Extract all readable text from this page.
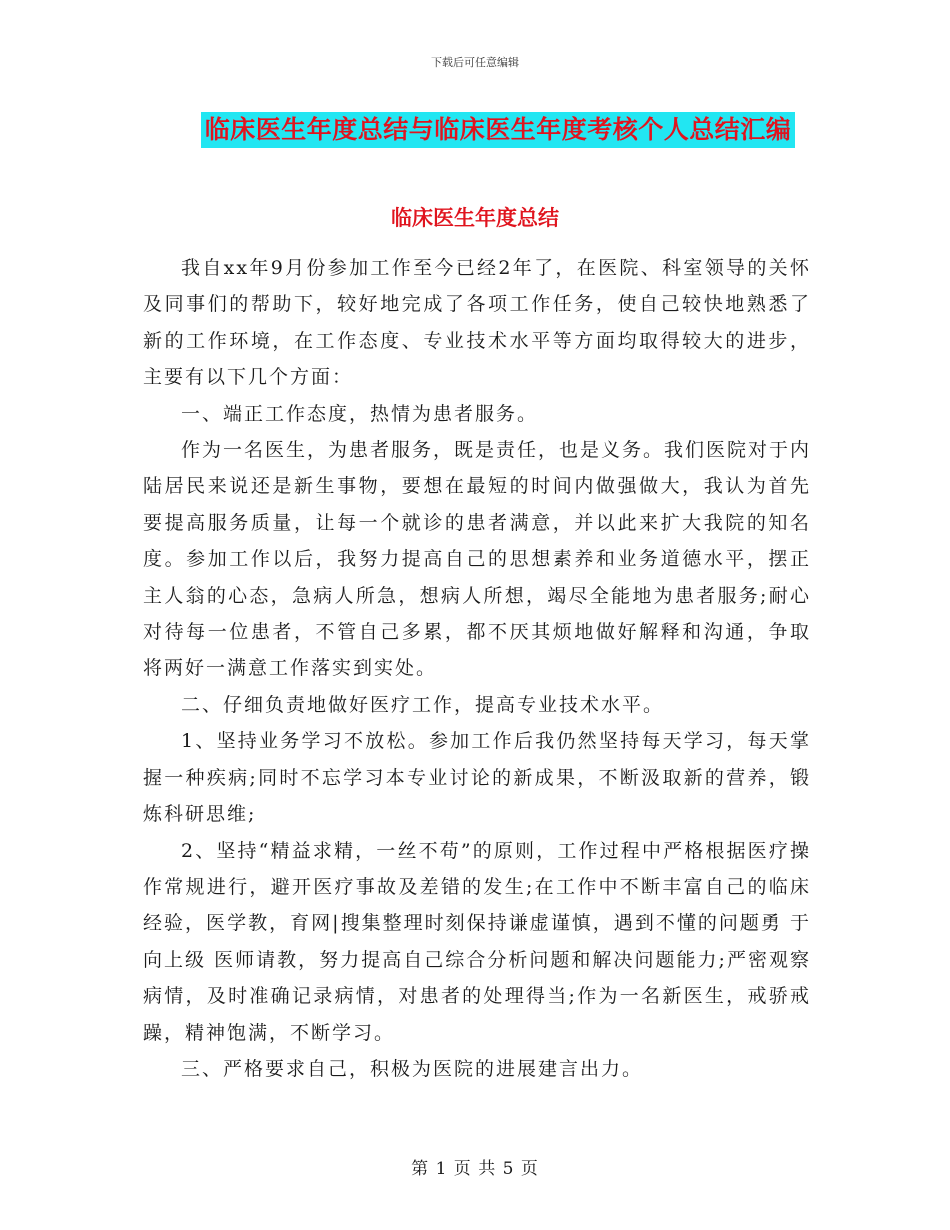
下载后可任意编辑
临床医生年度总结与临床医生年度考核个人总结汇编
临床医生年度总结

我自xx年9月份参加工作至今已经2年了，在医院、科室领导的关怀及同事们的帮助下，较好地完成了各项工作任务，使自己较快地熟悉了新的工作环境，在工作态度、专业技术水平等方面均取得较大的进步，主要有以下几个方面：

一、端正工作态度，热情为患者服务。

作为一名医生，为患者服务，既是责任，也是义务。我们医院对于内陆居民来说还是新生事物，要想在最短的时间内做强做大，我认为首先要提高服务质量，让每一个就诊的患者满意，并以此来扩大我院的知名度。参加工作以后，我努力提高自己的思想素养和业务道德水平，摆正主人翁的心态，急病人所急，想病人所想，竭尽全能地为患者服务;耐心对待每一位患者，不管自己多累，都不厌其烦地做好解释和沟通，争取将两好一满意工作落实到实处。

二、仔细负责地做好医疗工作，提高专业技术水平。

1、坚持业务学习不放松。参加工作后我仍然坚持每天学习，每天掌握一种疾病;同时不忘学习本专业讨论的新成果，不断汲取新的营养，锻炼科研思维;

2、坚持“精益求精，一丝不苟”的原则，工作过程中严格根据医疗操作常规进行，避开医疗事故及差错的发生;在工作中不断丰富自己的临床经验，医学教，育网|搜集整理时刻保持谦虚谨慎，遇到不懂的问题勇 于向上级 医师请教，努力提高自己综合分析问题和解决问题能力;严密观察病情，及时准确记录病情，对患者的处理得当;作为一名新医生，戒骄戒躁，精神饱满，不断学习。

三、严格要求自己，积极为医院的进展建言出力。

第 1 页 共 5 页
